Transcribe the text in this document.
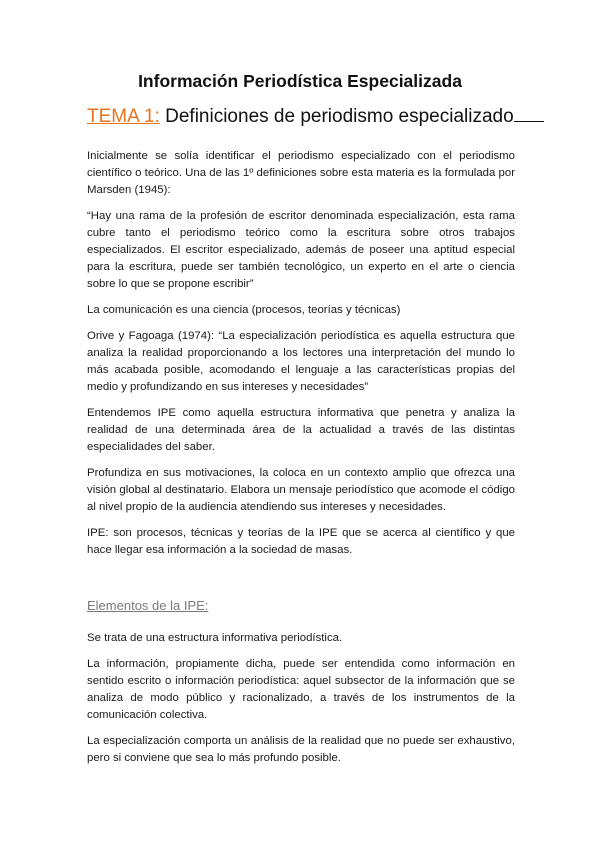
Información Periodística Especializada
TEMA 1: Definiciones de periodismo especializado

Inicialmente se solía identificar el periodismo especializado con el periodismo científico o teórico. Una de las 1º definiciones sobre esta materia es la formulada por Marsden (1945):

“Hay una rama de la profesión de escritor denominada especialización, esta rama cubre tanto el periodismo teórico como la escritura sobre otros trabajos especializados. El escritor especializado, además de poseer una aptitud especial para la escritura, puede ser también tecnológico, un experto en el arte o ciencia sobre lo que se propone escribir”

La comunicación es una ciencia (procesos, teorías y técnicas)

Orive y Fagoaga (1974): “La especialización periodística es aquella estructura que analiza la realidad proporcionando a los lectores una interpretación del mundo lo más acabada posible, acomodando el lenguaje a las características propias del medio y profundizando en sus intereses y necesidades”

Entendemos IPE como aquella estructura informativa que penetra y analiza la realidad de una determinada área de la actualidad a través de las distintas especialidades del saber.

Profundiza en sus motivaciones, la coloca en un contexto amplio que ofrezca una visión global al destinatario. Elabora un mensaje periodístico que acomode el código al nivel propio de la audiencia atendiendo sus intereses y necesidades.

IPE: son procesos, técnicas y teorías de la IPE que se acerca al científico y que hace llegar esa información a la sociedad de masas.

Elementos de la IPE:

Se trata de una estructura informativa periodística.

La información, propiamente dicha, puede ser entendida como información en sentido escrito o información periodística: aquel subsector de la información que se analiza de modo público y racionalizado, a través de los instrumentos de la comunicación colectiva.

La especialización comporta un análisis de la realidad que no puede ser exhaustivo, pero si conviene que sea lo más profundo posible.
